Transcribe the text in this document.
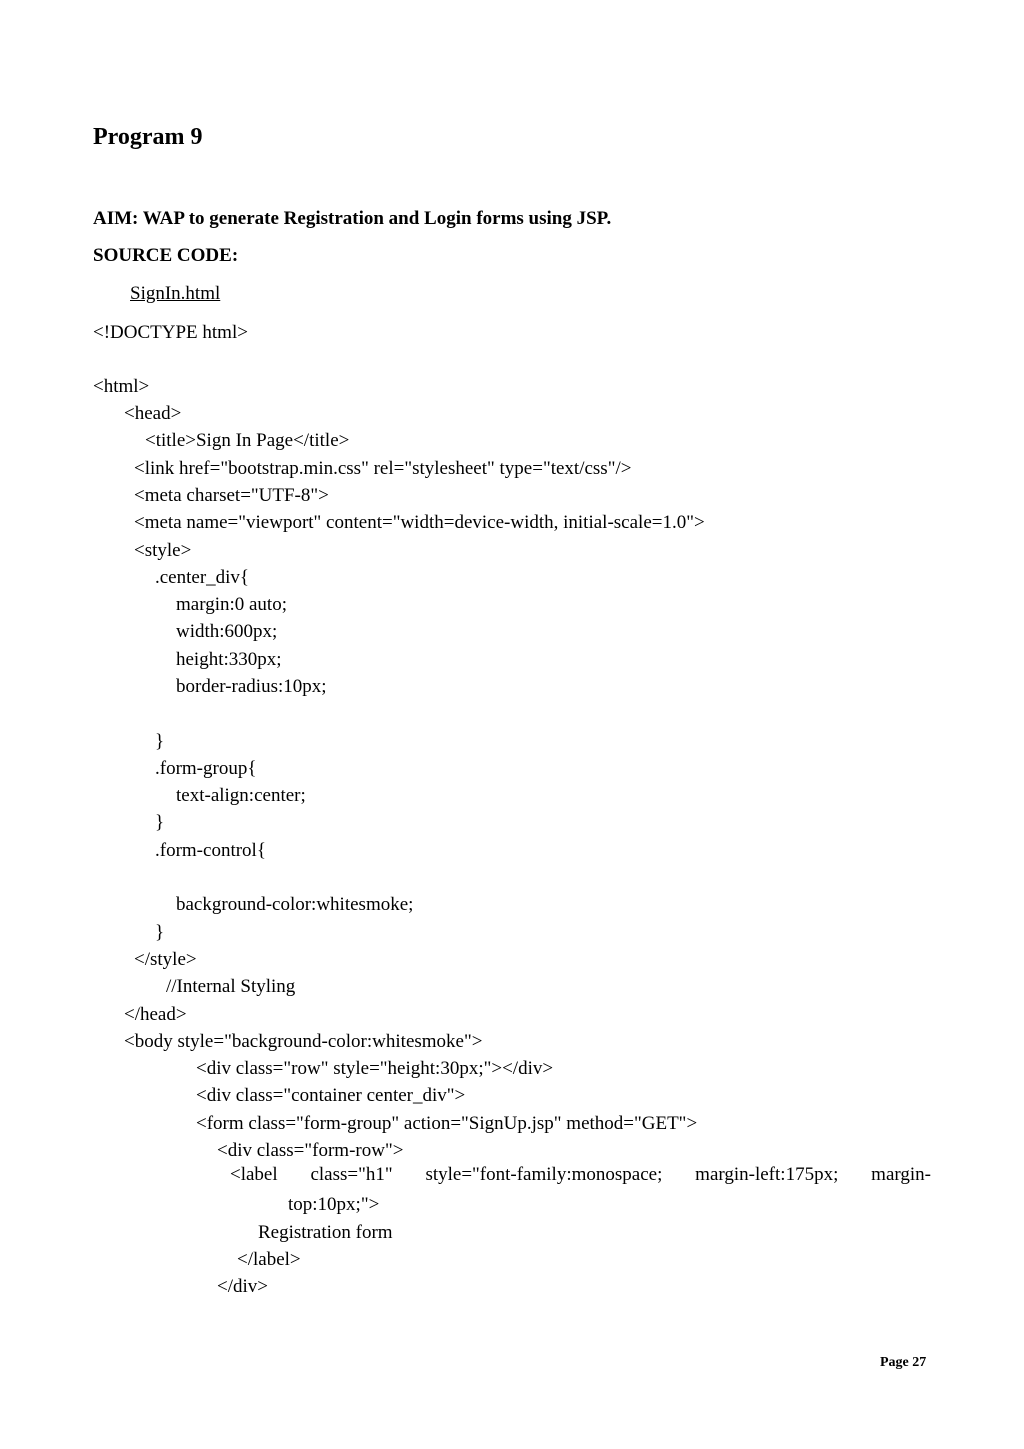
Program 9
AIM: WAP to generate Registration and Login forms using JSP.
SOURCE CODE:
SignIn.html
<!DOCTYPE html>
<html>
<head>
<title>Sign In Page</title>
<link href="bootstrap.min.css" rel="stylesheet" type="text/css"/>
<meta charset="UTF-8">
<meta name="viewport" content="width=device-width, initial-scale=1.0">
<style>
.center_div{
margin:0 auto;
width:600px;
height:330px;
border-radius:10px;
}
.form-group{
text-align:center;
}
.form-control{
background-color:whitesmoke;
}
</style>
//Internal Styling
</head>
<body style="background-color:whitesmoke">
<div class="row" style="height:30px;"></div>
<div class="container center_div">
<form class="form-group" action="SignUp.jsp" method="GET">
<div class="form-row">
<label class="h1" style="font-family:monospace; margin-left:175px; margin-
top:10px;">
Registration form
</label>
</div>
Page 27
